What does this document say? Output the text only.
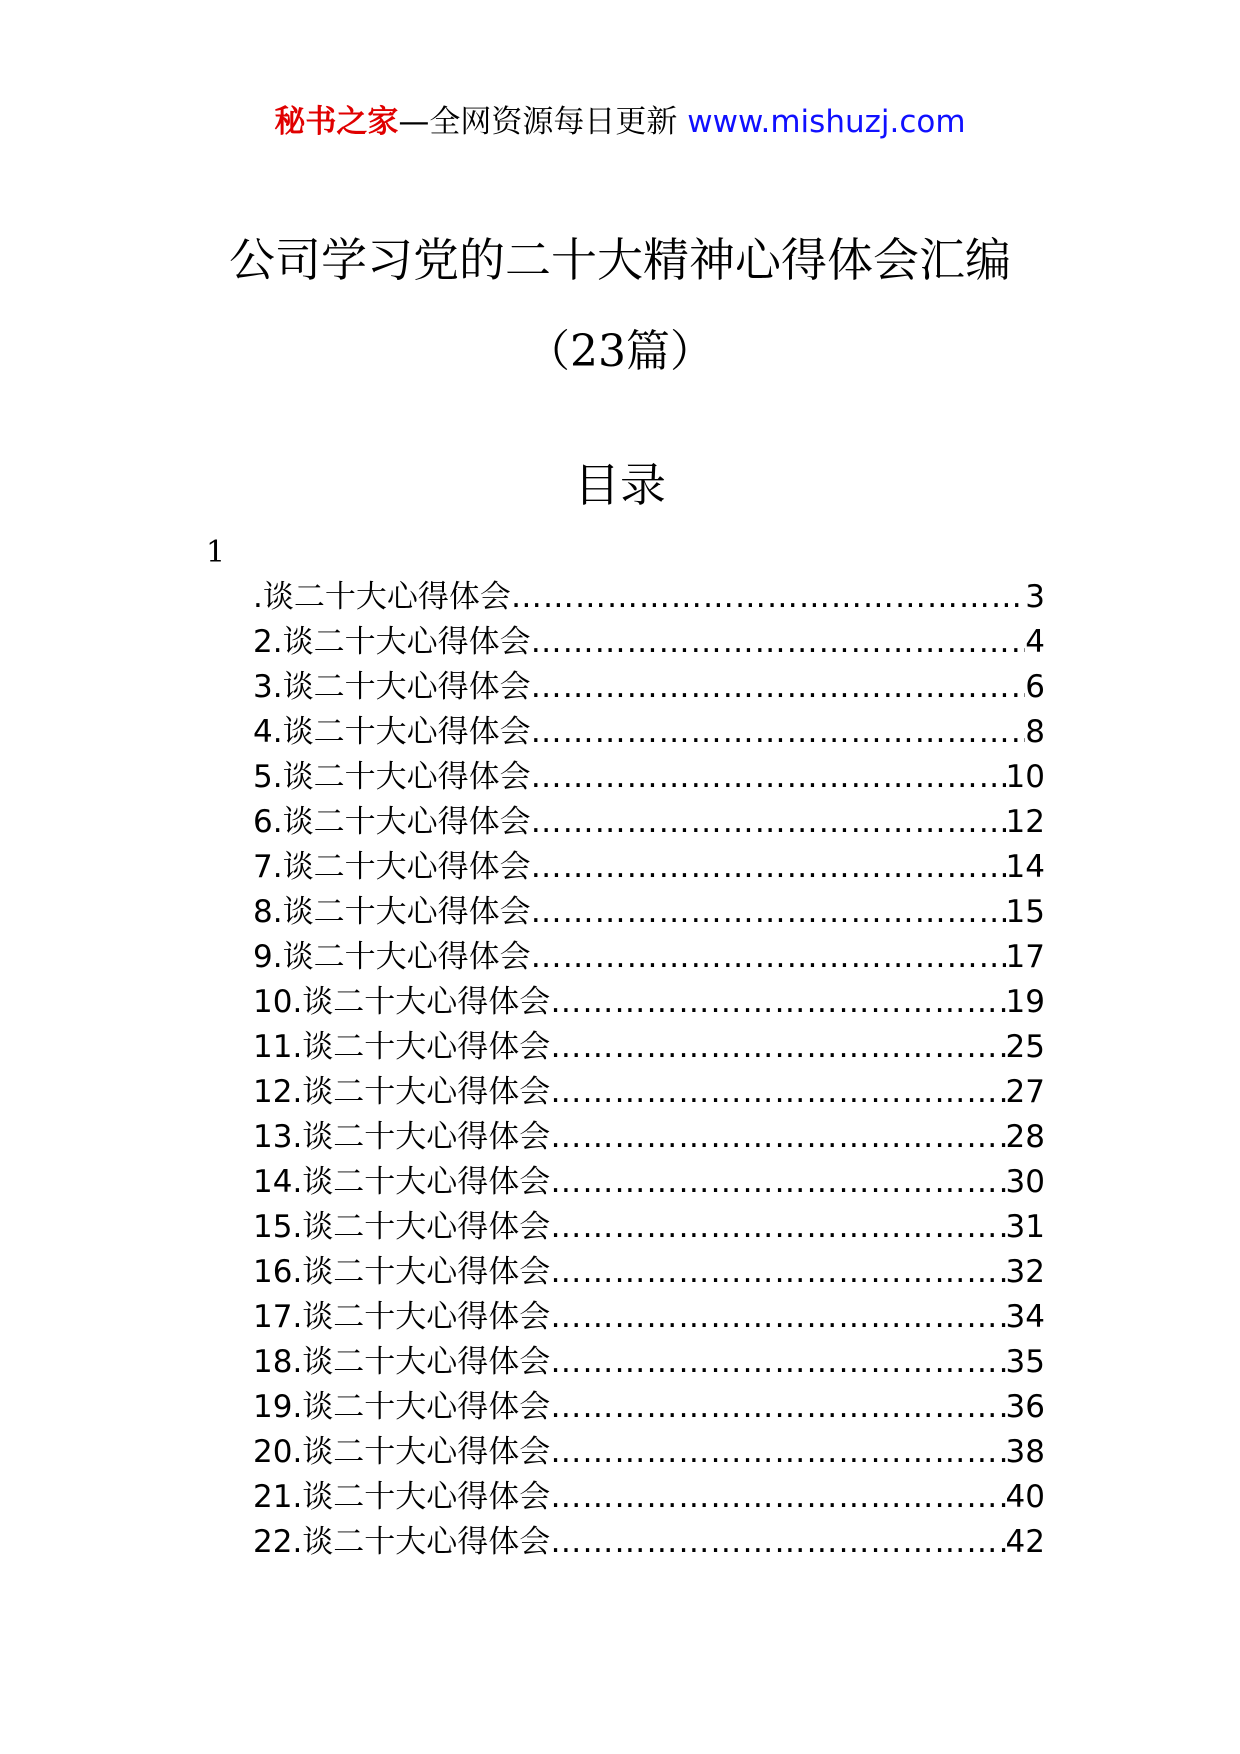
秘书之家—全网资源每日更新 www.mishuzj.com
公司学习党的二十大精神心得体会汇编
（23篇）
目录
1
.谈二十大心得体会 …………………………………………………………………………………………………………………………	3
2.谈二十大心得体会 …………………………………………………………………………………………………………………………	4
3.谈二十大心得体会 …………………………………………………………………………………………………………………………	6
4.谈二十大心得体会 …………………………………………………………………………………………………………………………	8
5.谈二十大心得体会 …………………………………………………………………………………………………………………………	10
6.谈二十大心得体会 …………………………………………………………………………………………………………………………	12
7.谈二十大心得体会 …………………………………………………………………………………………………………………………	14
8.谈二十大心得体会 …………………………………………………………………………………………………………………………	15
9.谈二十大心得体会 …………………………………………………………………………………………………………………………	17
10.谈二十大心得体会 …………………………………………………………………………………………………………………………	19
11.谈二十大心得体会 …………………………………………………………………………………………………………………………	25
12.谈二十大心得体会 …………………………………………………………………………………………………………………………	27
13.谈二十大心得体会 …………………………………………………………………………………………………………………………	28
14.谈二十大心得体会 …………………………………………………………………………………………………………………………	30
15.谈二十大心得体会 …………………………………………………………………………………………………………………………	31
16.谈二十大心得体会 …………………………………………………………………………………………………………………………	32
17.谈二十大心得体会 …………………………………………………………………………………………………………………………	34
18.谈二十大心得体会 …………………………………………………………………………………………………………………………	35
19.谈二十大心得体会 …………………………………………………………………………………………………………………………	36
20.谈二十大心得体会 …………………………………………………………………………………………………………………………	38
21.谈二十大心得体会 …………………………………………………………………………………………………………………………	40
22.谈二十大心得体会 …………………………………………………………………………………………………………………………	42
